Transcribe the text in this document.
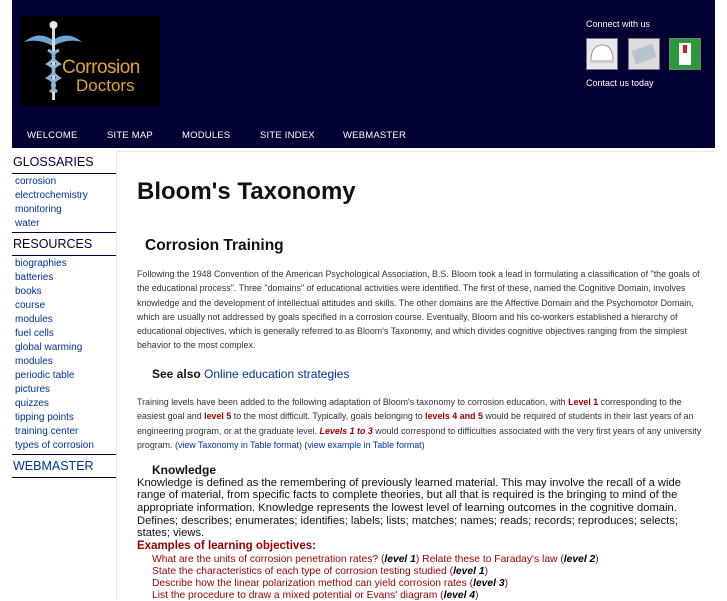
Corrosion
Doctors
Connect with us
Contact us today
WELCOME	SITE MAP	MODULES	SITE INDEX	WEBMASTER
GLOSSARIES
corrosion
electrochemistry
monitoring
water
RESOURCES
biographies
batteries
books
course
modules
fuel cells
global warming
modules
periodic table
pictures
quizzes
tipping points
training center
types of corrosion
WEBMASTER
Bloom's Taxonomy
Corrosion Training
Following the 1948 Convention of the American Psychological Association, B.S. Bloom took a lead in formulating a classification of "the goals of the educational process". Three "domains" of educational activities were identified. The first of these, named the Cognitive Domain, involves knowledge and the development of intellectual attitudes and skills. The other domains are the Affective Domain and the Psychomotor Domain, which are usually not addressed by goals specified in a corrosion course. Eventually, Bloom and his co-workers established a hierarchy of educational objectives, which is generally referred to as Bloom's Taxonomy, and which divides cognitive objectives ranging from the simplest behavior to the most complex.
See also Online education strategies
Training levels have been added to the following adaptation of Bloom's taxonomy to corrosion education, with Level 1 corresponding to the easiest goal and level 5 to the most difficult. Typically, goals belonging to levels 4 and 5 would be required of students in their last years of an engineering program, or at the graduate level. Levels 1 to 3 would correspond to difficulties associated with the very first years of any university program. (view Taxonomy in Table format) (view example in Table format)
Knowledge
Knowledge is defined as the remembering of previously learned material. This may involve the recall of a wide range of material, from specific facts to complete theories, but all that is required is the bringing to mind of the appropriate information. Knowledge represents the lowest level of learning outcomes in the cognitive domain.
Defines; describes; enumerates; identifies; labels; lists; matches; names; reads; records; reproduces; selects; states; views.
Examples of learning objectives:
What are the units of corrosion penetration rates? (level 1) Relate these to Faraday's law (level 2)
State the characteristics of each type of corrosion testing studied (level 1)
Describe how the linear polarization method can yield corrosion rates (level 3)
List the procedure to draw a mixed potential or Evans' diagram (level 4)
